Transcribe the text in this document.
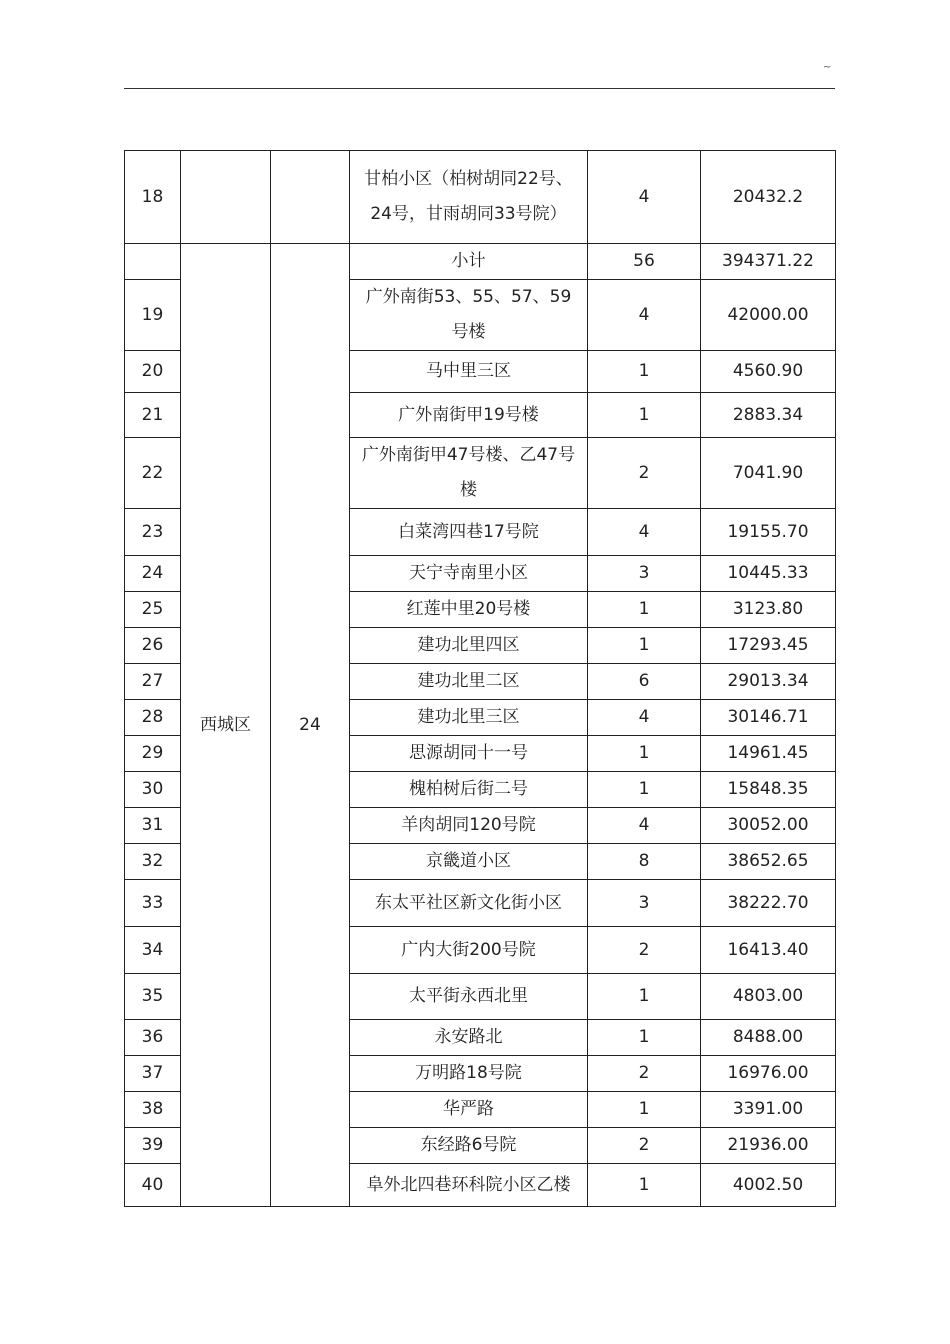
~
18			甘柏小区（柏树胡同22号、24号，甘雨胡同33号院）	4	20432.2
	西城区	24	小计	56	394371.22
19			广外南街53、55、57、59号楼	4	42000.00
20			马中里三区	1	4560.90
21			广外南街甲19号楼	1	2883.34
22			广外南街甲47号楼、乙47号楼	2	7041.90
23			白菜湾四巷17号院	4	19155.70
24			天宁寺南里小区	3	10445.33
25			红莲中里20号楼	1	3123.80
26			建功北里四区	1	17293.45
27			建功北里二区	6	29013.34
28			建功北里三区	4	30146.71
29			思源胡同十一号	1	14961.45
30			槐柏树后街二号	1	15848.35
31			羊肉胡同120号院	4	30052.00
32			京畿道小区	8	38652.65
33			东太平社区新文化街小区	3	38222.70
34			广内大街200号院	2	16413.40
35			太平街永西北里	1	4803.00
36			永安路北	1	8488.00
37			万明路18号院	2	16976.00
38			华严路	1	3391.00
39			东经路6号院	2	21936.00
40			阜外北四巷环科院小区乙楼	1	4002.50
